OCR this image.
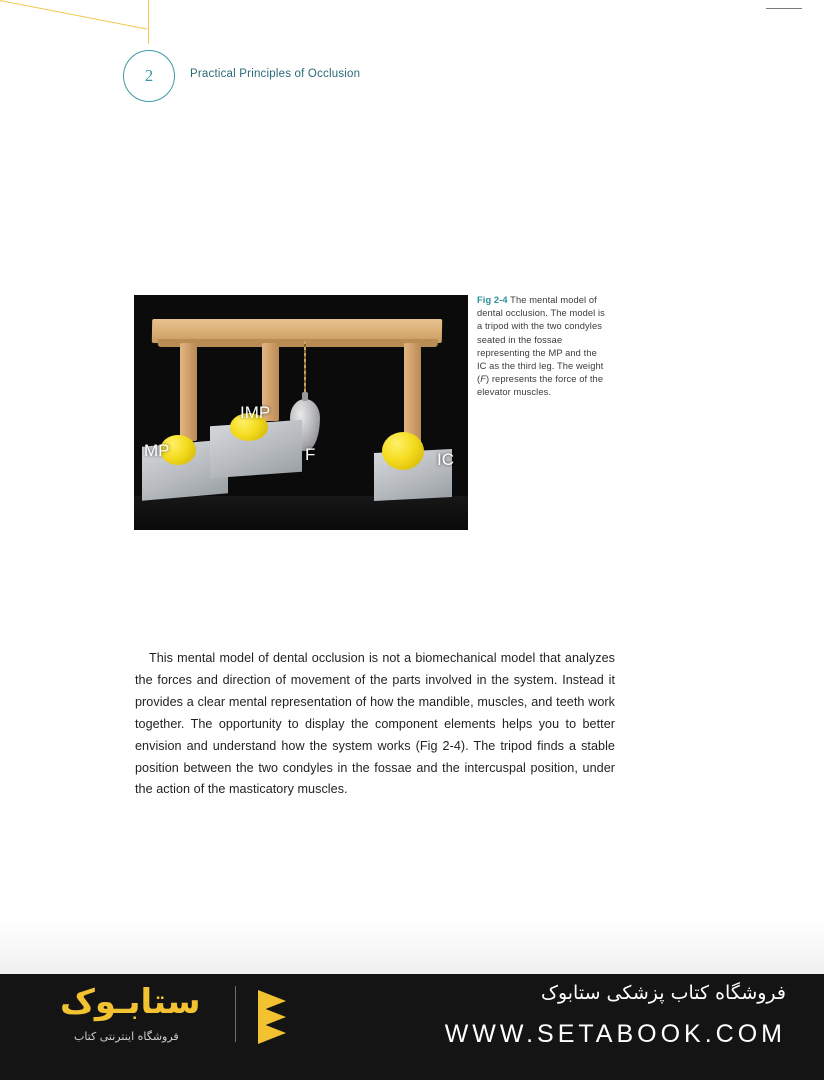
2	Practical Principles of Occlusion
MP
IMP
F	IC
Fig 2-4 The mental model of dental occlusion. The model is a tripod with the two condyles seated in the fossae representing the MP and the IC as the third leg. The weight (F) represents the force of the elevator muscles.

This mental model of dental occlusion is not a biomechanical model that analyzes the forces and direction of movement of the parts involved in the system. Instead it provides a clear mental representation of how the mandible, muscles, and teeth work together. The opportunity to display the component elements helps you to better envision and understand how the system works (Fig 2-4). The tripod finds a stable position between the two condyles in the fossae and the intercuspal position, under the action of the masticatory muscles.

ستابـوک
فروشگاه اینترنتی کتاب
فروشگاه کتاب پزشکی ستابوک
WWW.SETABOOK.COM
